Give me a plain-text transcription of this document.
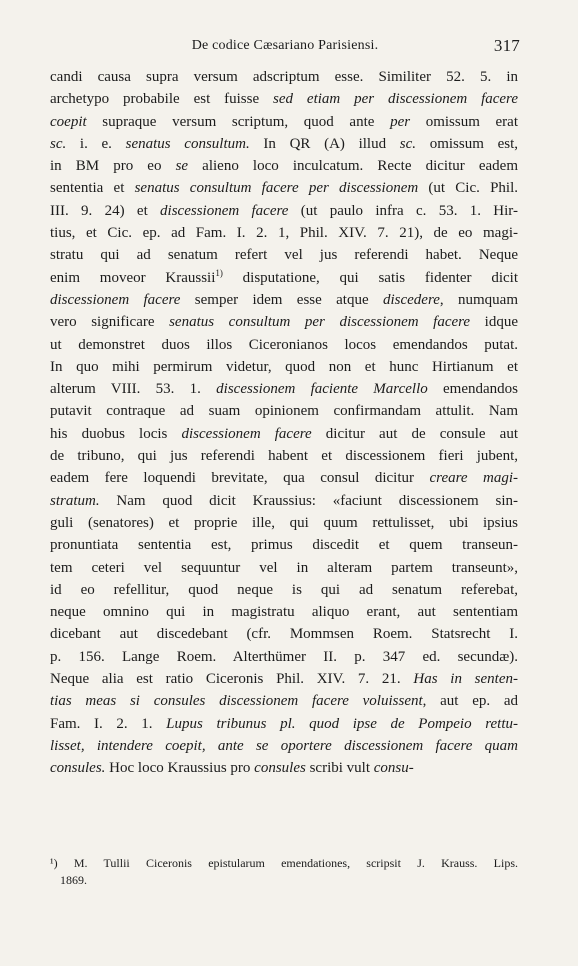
De codice Cæsariano Parisiensi.	317
candi causa supra versum adscriptum esse. Similiter 52. 5. in
archetypo probabile est fuisse sed etiam per discessionem facere
coepit supraque versum scriptum, quod ante per omissum erat
sc. i. e. senatus consultum. In QR (A) illud sc. omissum est,
in BM pro eo se alieno loco inculcatum. Recte dicitur eadem
sententia et senatus consultum facere per discessionem (ut Cic. Phil.
III. 9. 24) et discessionem facere (ut paulo infra c. 53. 1. Hir-
tius, et Cic. ep. ad Fam. I. 2. 1, Phil. XIV. 7. 21), de eo magi-
stratu qui ad senatum refert vel jus referendi habet. Neque
enim moveor Kraussii$^{1)}$ disputatione, qui satis fidenter dicit
discessionem facere semper idem esse atque discedere, numquam
vero significare senatus consultum per discessionem facere idque
ut demonstret duos illos Ciceronianos locos emendandos putat.
In quo mihi permirum videtur, quod non et hunc Hirtianum et
alterum VIII. 53. 1. discessionem faciente Marcello emendandos
putavit contraque ad suam opinionem confirmandam attulit. Nam
his duobus locis discessionem facere dicitur aut de consule aut
de tribuno, qui jus referendi habent et discessionem fieri jubent,
eadem fere loquendi brevitate, qua consul dicitur creare magi-
stratum. Nam quod dicit Kraussius: «faciunt discessionem sin-
guli (senatores) et proprie ille, qui quum rettulisset, ubi ipsius
pronuntiata sententia est, primus discedit et quem transeun-
tem ceteri vel sequuntur vel in alteram partem transeunt»,
id eo refellitur, quod neque is qui ad senatum referebat,
neque omnino qui in magistratu aliquo erant, aut sententiam
dicebant aut discedebant (cfr. Mommsen Roem. Statsrecht I.
p. 156. Lange Roem. Alterthümer II. p. 347 ed. secundæ).
Neque alia est ratio Ciceronis Phil. XIV. 7. 21. Has in senten-
tias meas si consules discessionem facere voluissent, aut ep. ad
Fam. I. 2. 1. Lupus tribunus pl. quod ipse de Pompeio rettu-
lisset, intendere coepit, ante se oportere discessionem facere quam
consules. Hoc loco Kraussius pro consules scribi vult consu-
¹) M. Tullii Ciceronis epistularum emendationes, scripsit J. Krauss. Lips.
1869.
